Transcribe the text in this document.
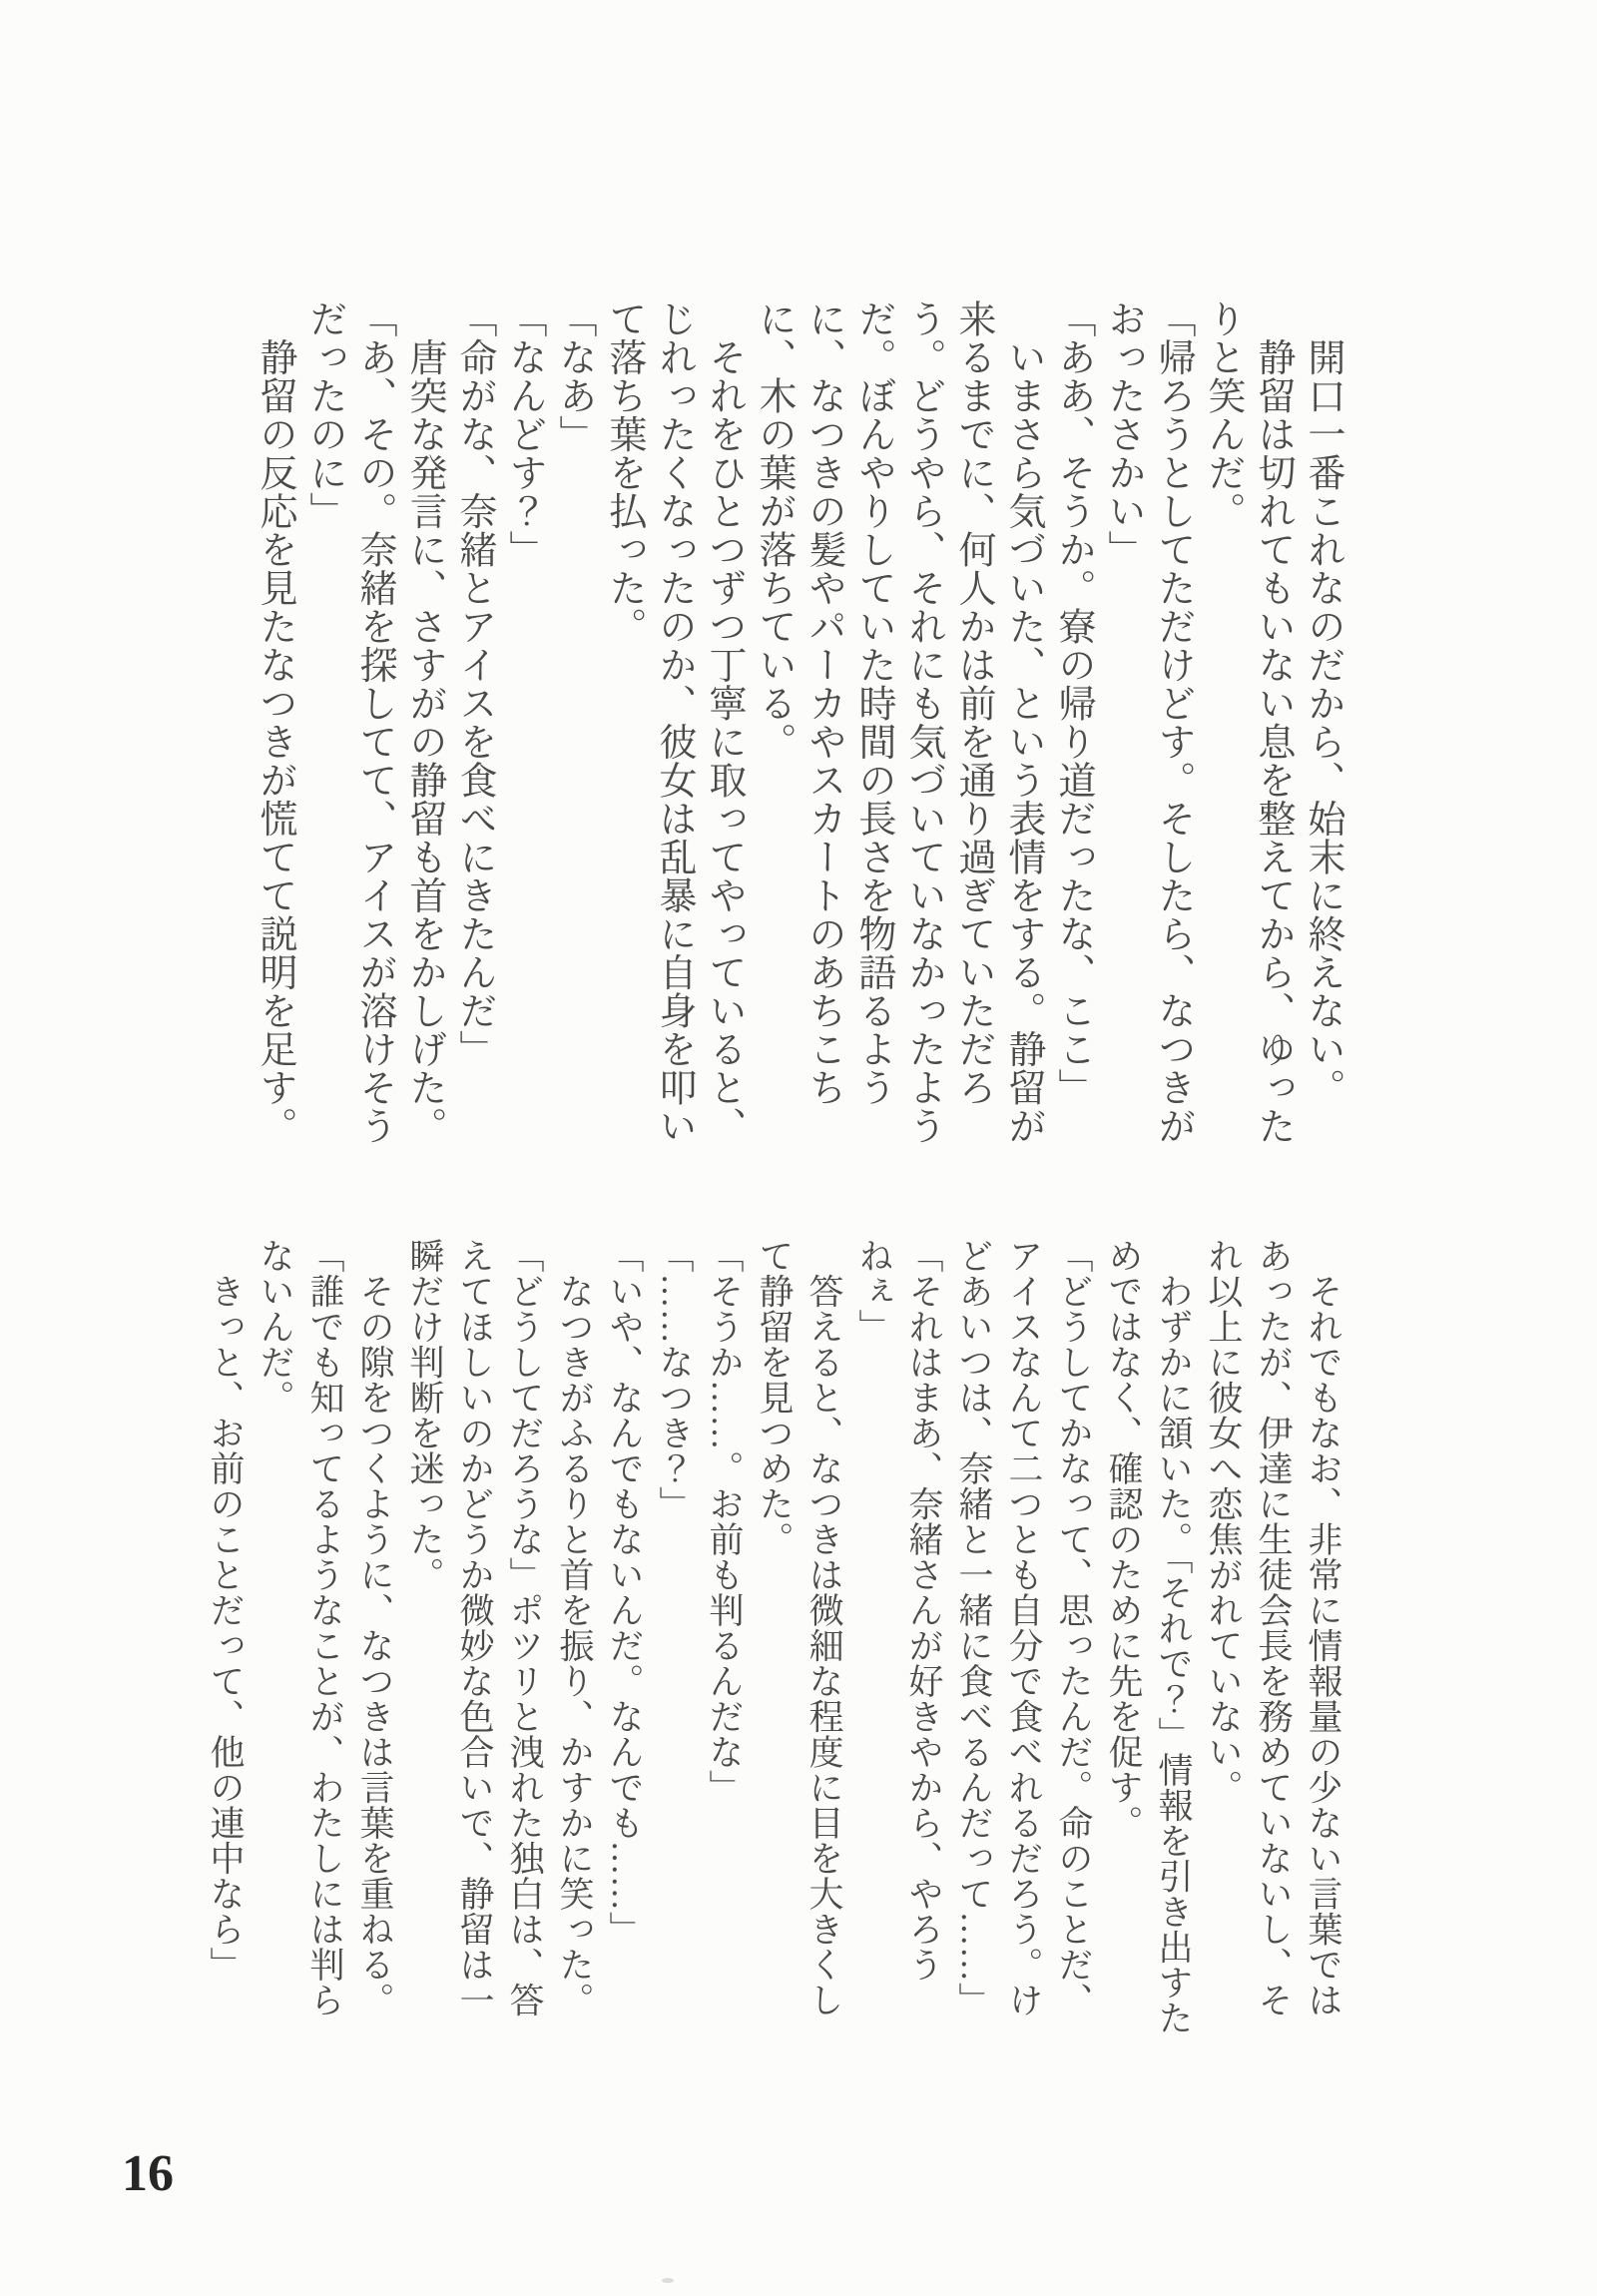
　開口一番これなのだから、始末に終えない。

　静留は切れてもいない息を整えてから、ゆったりと笑んだ。

「帰ろうとしてただけどす。そしたら、なつきがおったさかい」

「ああ、そうか。寮の帰り道だったな、ここ」

　いまさら気づいた、という表情をする。静留が来るまでに、何人かは前を通り過ぎていただろう。どうやら、それにも気づいていなかったようだ。ぼんやりしていた時間の長さを物語るように、なつきの髪やパーカやスカートのあちこちに、木の葉が落ちている。

　それをひとつずつ丁寧に取ってやっていると、じれったくなったのか、彼女は乱暴に自身を叩いて落ち葉を払った。

「なあ」

「なんどす？」

「命がな、奈緒とアイスを食べにきたんだ」

　唐突な発言に、さすがの静留も首をかしげた。

「あ、その。奈緒を探してて、アイスが溶けそうだったのに」

　静留の反応を見たなつきが慌てて説明を足す。

　それでもなお、非常に情報量の少ない言葉ではあったが、伊達に生徒会長を務めていないし、それ以上に彼女へ恋焦がれていない。

　わずかに頷いた。「それで？」情報を引き出すためではなく、確認のために先を促す。

「どうしてかなって、思ったんだ。命のことだ、アイスなんて二つとも自分で食べれるだろう。けどあいつは、奈緒と一緒に食べるんだって……」

「それはまあ、奈緒さんが好きやから、やろうねぇ」

　答えると、なつきは微細な程度に目を大きくして静留を見つめた。

「そうか……。お前も判るんだな」

「……なつき？」

「いや、なんでもないんだ。なんでも……」

　なつきがふるりと首を振り、かすかに笑った。

「どうしてだろうな」ポツリと洩れた独白は、答えてほしいのかどうか微妙な色合いで、静留は一瞬だけ判断を迷った。

　その隙をつくように、なつきは言葉を重ねる。

「誰でも知ってるようなことが、わたしには判らないんだ。

　きっと、お前のことだって、他の連中なら」

16
